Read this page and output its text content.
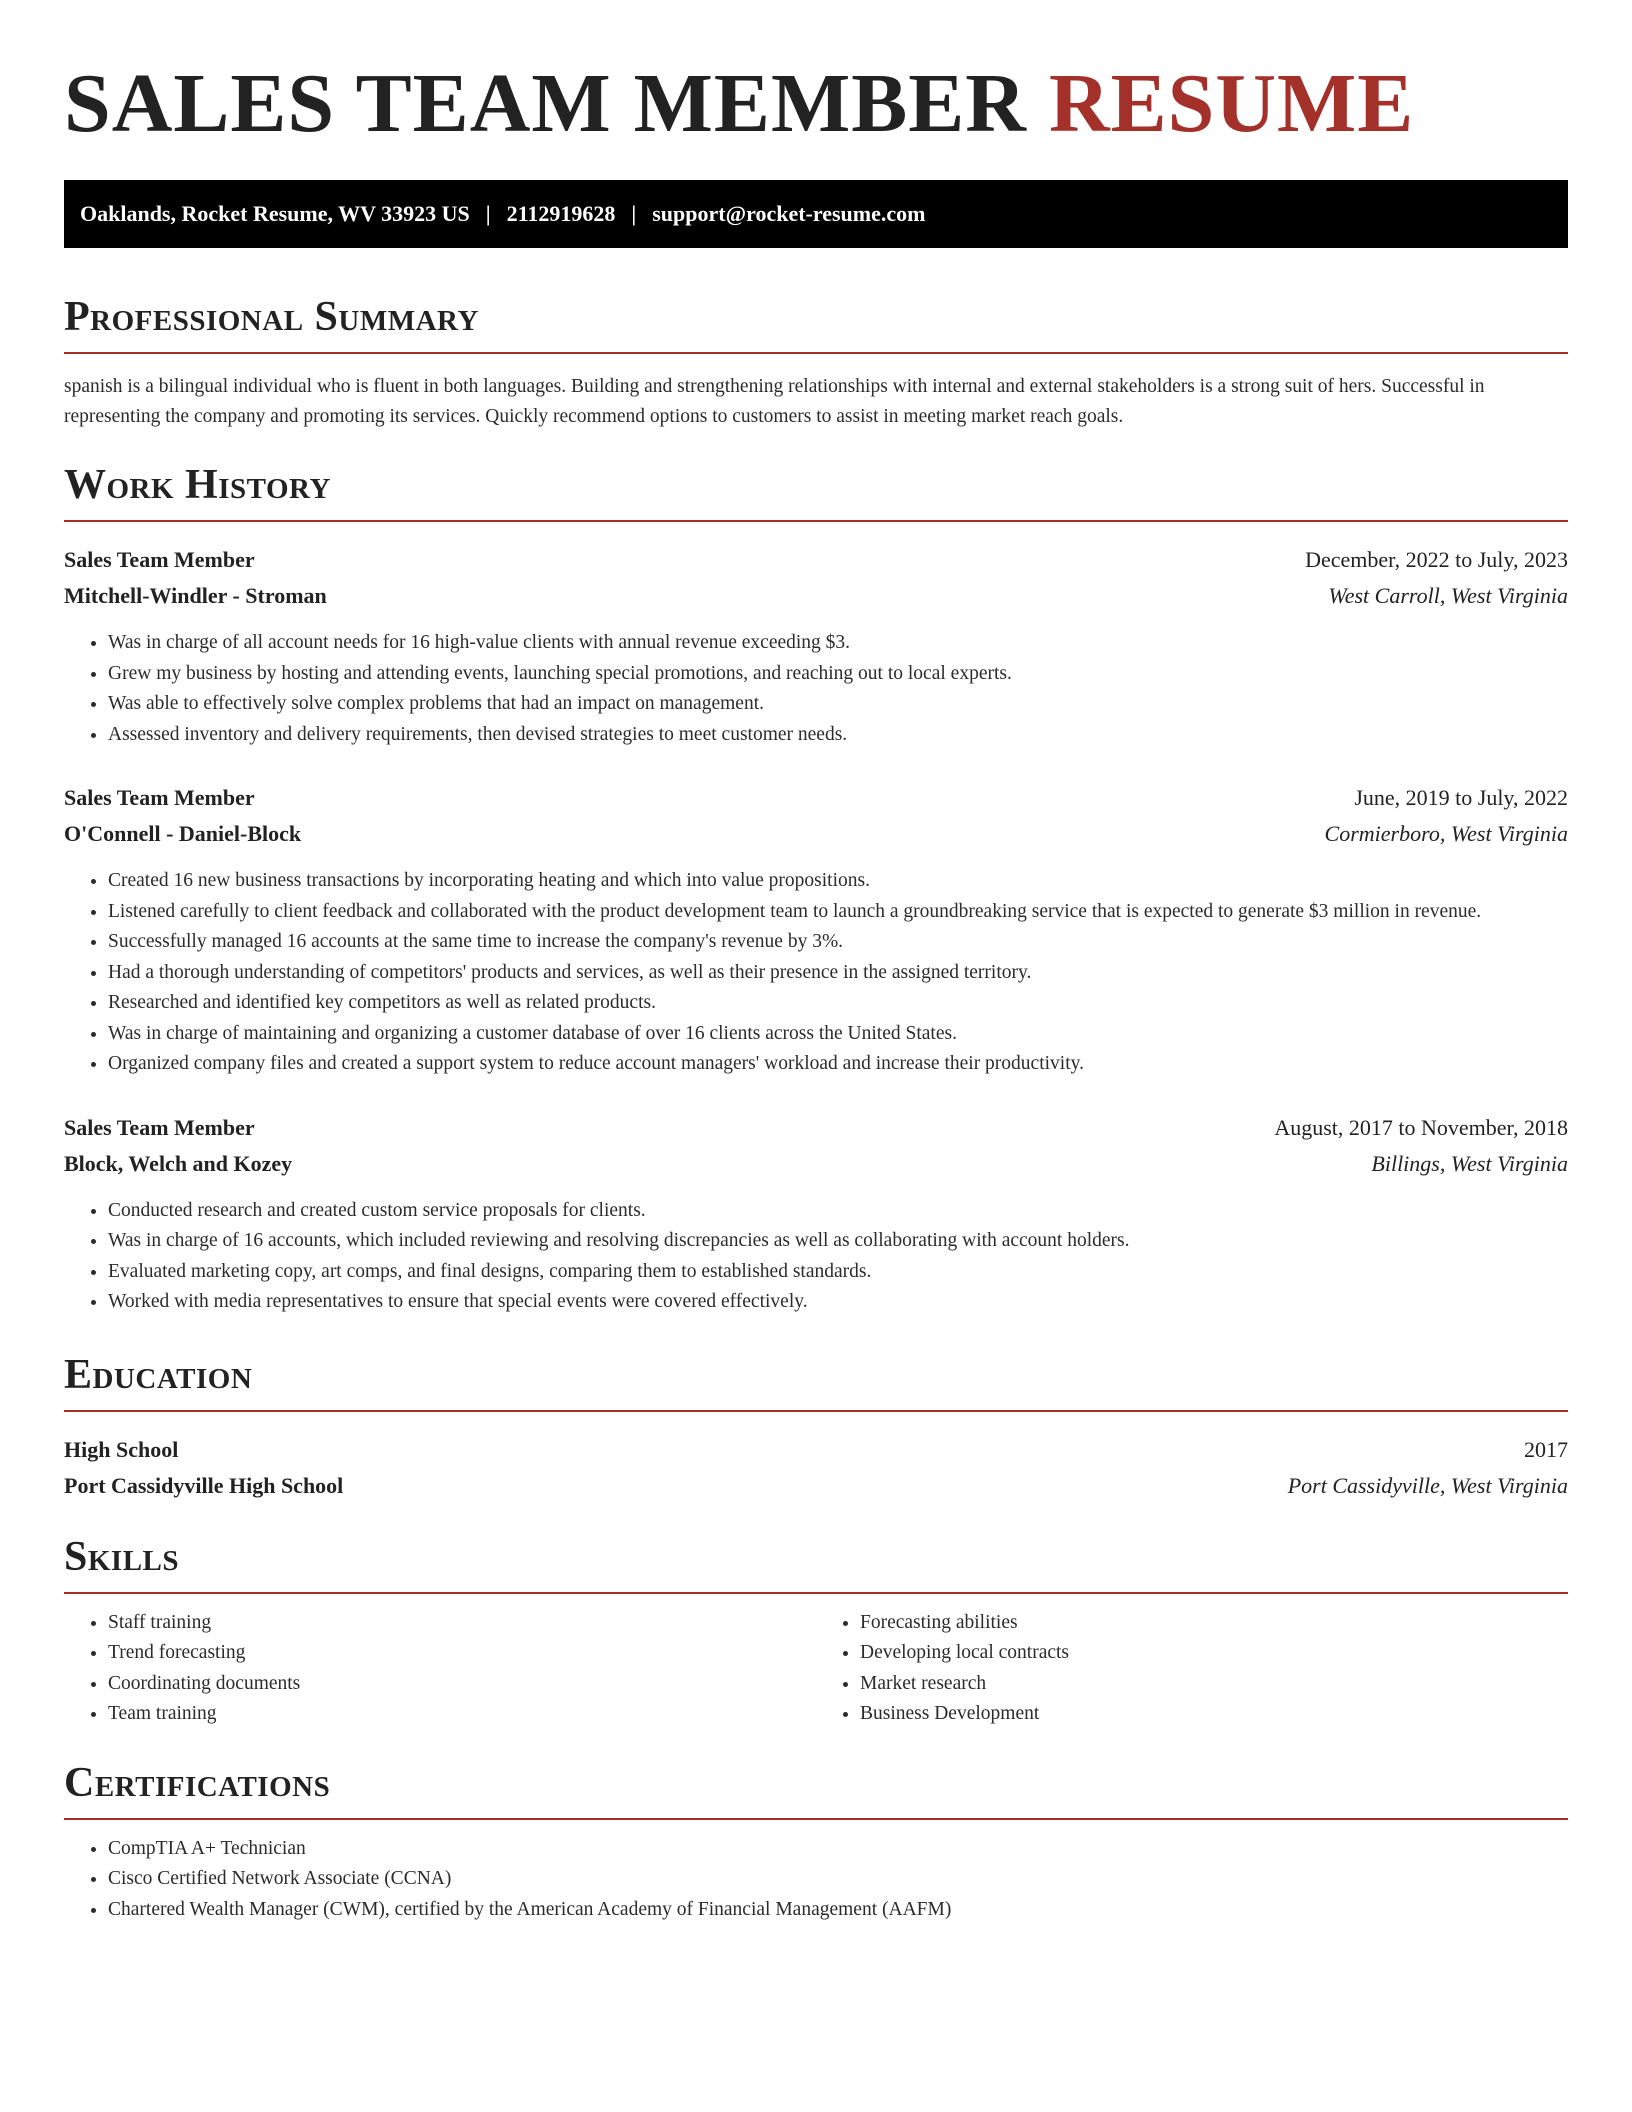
SALES TEAM MEMBER RESUME
Oaklands, Rocket Resume, WV 33923 US | 2112919628 | support@rocket-resume.com
Professional Summary

spanish is a bilingual individual who is fluent in both languages. Building and strengthening relationships with internal and external stakeholders is a strong suit of hers. Successful in representing the company and promoting its services. Quickly recommend options to customers to assist in meeting market reach goals.

Work History
Sales Team Member	December, 2022 to July, 2023
Mitchell-Windler - Stroman	West Carroll, West Virginia
• Was in charge of all account needs for 16 high-value clients with annual revenue exceeding $3.
• Grew my business by hosting and attending events, launching special promotions, and reaching out to local experts.
• Was able to effectively solve complex problems that had an impact on management.
• Assessed inventory and delivery requirements, then devised strategies to meet customer needs.
Sales Team Member	June, 2019 to July, 2022
O'Connell - Daniel-Block	Cormierboro, West Virginia
• Created 16 new business transactions by incorporating heating and which into value propositions.
• Listened carefully to client feedback and collaborated with the product development team to launch a groundbreaking service that is expected to generate $3 million in revenue.
• Successfully managed 16 accounts at the same time to increase the company's revenue by 3%.
• Had a thorough understanding of competitors' products and services, as well as their presence in the assigned territory.
• Researched and identified key competitors as well as related products.
• Was in charge of maintaining and organizing a customer database of over 16 clients across the United States.
• Organized company files and created a support system to reduce account managers' workload and increase their productivity.
Sales Team Member	August, 2017 to November, 2018
Block, Welch and Kozey	Billings, West Virginia
• Conducted research and created custom service proposals for clients.
• Was in charge of 16 accounts, which included reviewing and resolving discrepancies as well as collaborating with account holders.
• Evaluated marketing copy, art comps, and final designs, comparing them to established standards.
• Worked with media representatives to ensure that special events were covered effectively.
Education
High School	2017
Port Cassidyville High School	Port Cassidyville, West Virginia
Skills
• Staff training
• Trend forecasting
• Coordinating documents
• Team training
• Forecasting abilities
• Developing local contracts
• Market research
• Business Development
Certifications
• CompTIA A+ Technician
• Cisco Certified Network Associate (CCNA)
• Chartered Wealth Manager (CWM), certified by the American Academy of Financial Management (AAFM)
